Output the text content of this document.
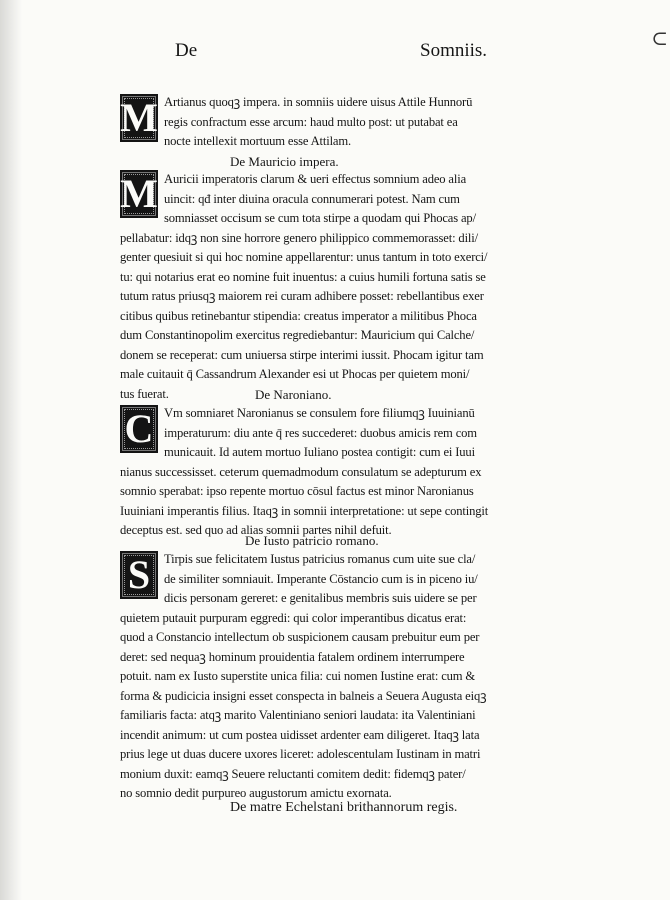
⊂
De	Somniis.
M Artianus quoqꝫ impera. in somniis uidere uisus Attile Hunnorū
regis confractum esse arcum: haud multo post: ut putabat ea
nocte intellexit mortuum esse Attilam.
De Mauricio impera.
M Auricii imperatoris clarum & ueri effectus somnium adeo alia
uincit: qđ inter diuina oracula connumerari potest. Nam cum
somniasset occisum se cum tota stirpe a quodam qui Phocas ap/
pellabatur: idqꝫ non sine horrore genero philippico commemorasset: dili/
genter quesiuit si qui hoc nomine appellarentur: unus tantum in toto exerci/
tu: qui notarius erat eo nomine fuit inuentus: a cuius humili fortuna satis se
tutum ratus priusqꝫ maiorem rei curam adhibere posset: rebellantibus exer
citibus quibus retinebantur stipendia: creatus imperator a militibus Phoca
dum Constantinopolim exercitus regrediebantur: Mauricium qui Calche/
donem se receperat: cum uniuersa stirpe interimi iussit. Phocam igitur tam
male cuitauit q̄ Cassandrum Alexander esi ut Phocas per quietem moni/
tus fuerat.	De Naroniano.
C Vm somniaret Naronianus se consulem fore filiumqꝫ Iuuinianū
imperaturum: diu ante q̄ res succederet: duobus amicis rem com
municauit. Id autem mortuo Iuliano postea contigit: cum ei Iuui
nianus successisset. ceterum quemadmodum consulatum se adepturum ex
somnio sperabat: ipso repente mortuo cōsul factus est minor Naronianus
Iuuiniani imperantis filius. Itaqꝫ in somnii interpretatione: ut sepe contingit
deceptus est. sed quo ad alias somnii partes nihil defuit.
De Iusto patricio romano.
S	Tirpis sue felicitatem Iustus patricius romanus cum uite sue cla/
de similiter somniauit. Imperante Cōstancio cum is in piceno iu/
dicis personam gereret: e genitalibus membris suis uidere se per
quietem putauit purpuram eggredi: qui color imperantibus dicatus erat:
quod a Constancio intellectum ob suspicionem causam prebuitur eum per
deret: sed nequaꝫ hominum prouidentia fatalem ordinem interrumpere
potuit. nam ex Iusto superstite unica filia: cui nomen Iustine erat: cum &
forma & pudicicia insigni esset conspecta in balneis a Seuera Augusta eiqꝫ
familiaris facta: atqꝫ marito Valentiniano seniori laudata: ita Valentiniani
incendit animum: ut cum postea uidisset ardenter eam diligeret. Itaqꝫ lata
prius lege ut duas ducere uxores liceret: adolescentulam Iustinam in matri
monium duxit: eamqꝫ Seuere reluctanti comitem dedit: fidemqꝫ pater/
no somnio dedit purpureo augustorum amictu exornata.
De matre Echelstani brithannorum regis.
